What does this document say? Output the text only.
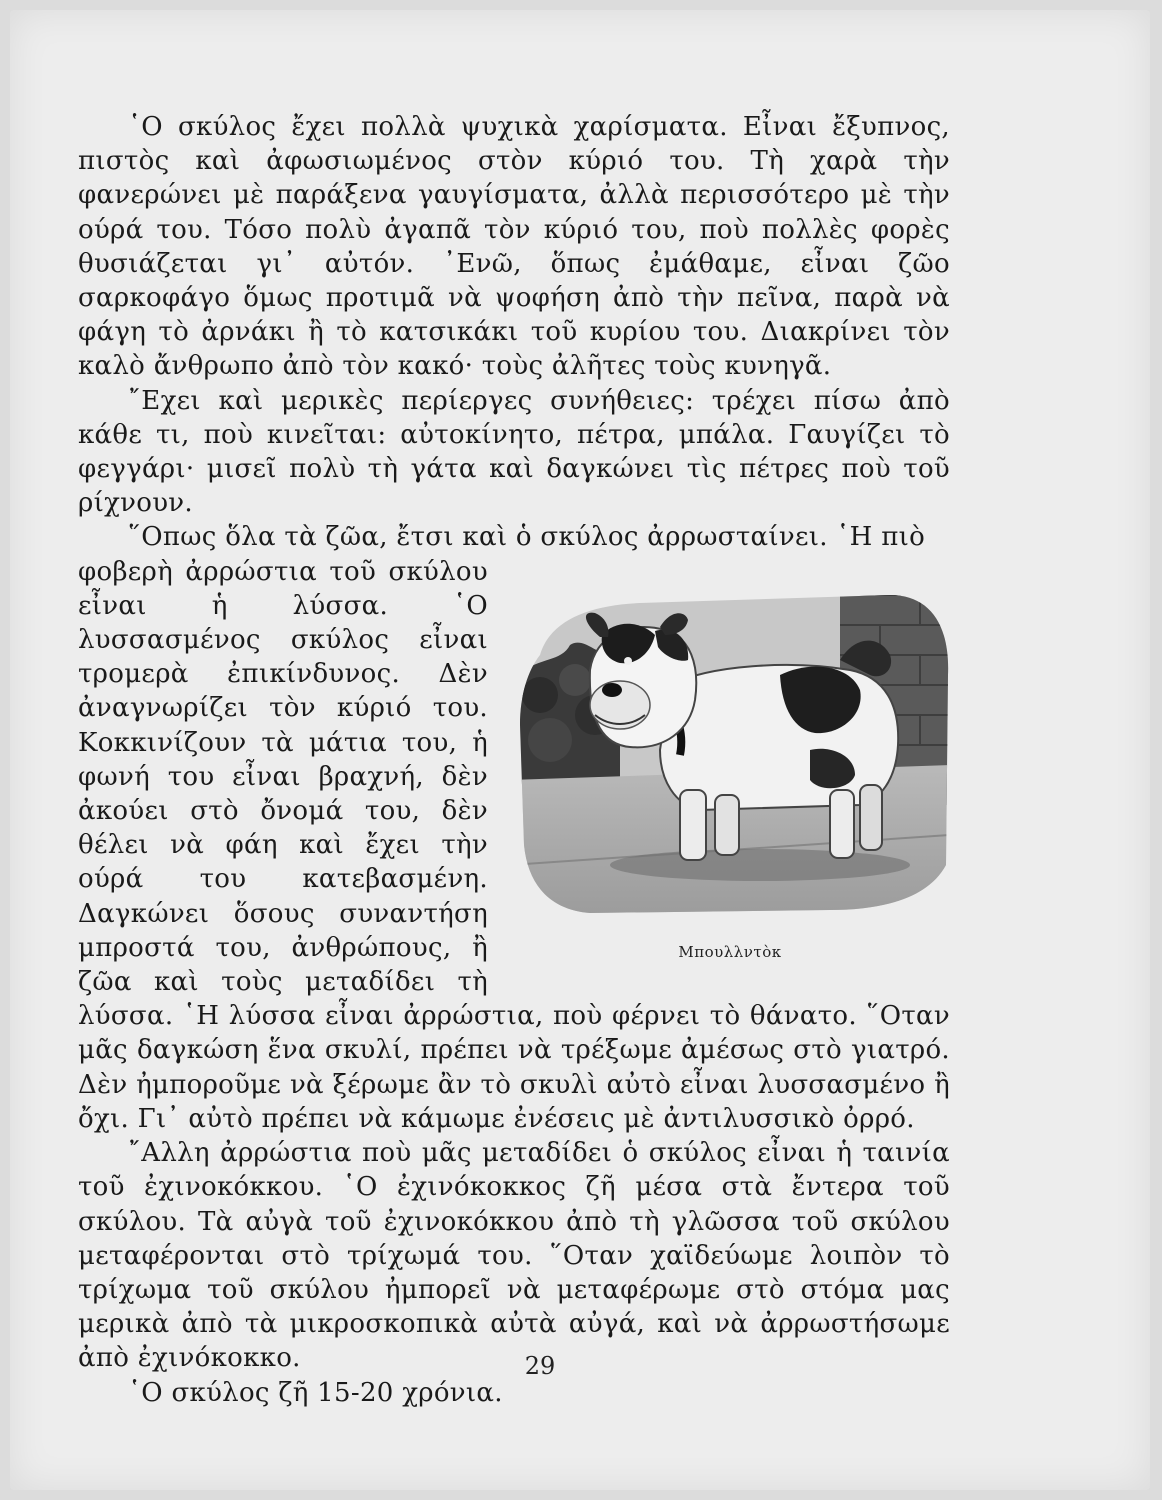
῾Ο σκύλος ἔχει πολλὰ ψυχικὰ χαρίσματα. Εἶναι ἔξυπνος, πιστὸς καὶ ἀφωσιωμένος στὸν κύριό του. Τὴ χαρὰ τὴν φανερώνει μὲ παράξενα γαυγίσματα, ἀλλὰ περισσότερο μὲ τὴν ούρά του. Τόσο πολὺ ἀγαπᾶ τὸν κύριό του, ποὺ πολλὲς φορὲς θυσιάζεται γι᾿ αὐτόν. ᾿Ενῶ, ὅπως ἐμάθαμε, εἶναι ζῶο σαρκοφάγο ὅμως προτιμᾶ νὰ ψοφήση ἀπὸ τὴν πεῖνα, παρὰ νὰ φάγη τὸ ἀρνάκι ἢ τὸ κατσικάκι τοῦ κυρίου του. Διακρίνει τὸν καλὸ ἄνθρωπο ἀπὸ τὸν κακό· τοὺς ἀλῆτες τοὺς κυνηγᾶ.

῎Εχει καὶ μερικὲς περίεργες συνήθειες: τρέχει πίσω ἀπὸ κάθε τι, ποὺ κινεῖται: αὐτοκίνητο, πέτρα, μπάλα. Γαυγίζει τὸ φεγγάρι· μισεῖ πολὺ τὴ γάτα καὶ δαγκώνει τὶς πέτρες ποὺ τοῦ ρίχνουν.

῞Οπως ὅλα τὰ ζῶα, ἔτσι καὶ ὁ σκύλος ἀρρωσταίνει. ῾Η πιὸ

Μπουλλντὸκ

φοβερὴ ἀρρώστια τοῦ σκύλου εἶναι ἡ λύσσα. ῾Ο λυσσασμένος σκύλος εἶναι τρομερὰ ἐπικίνδυνος. Δὲν ἀναγνωρίζει τὸν κύριό του. Κοκκινίζουν τὰ μάτια του, ἡ φωνή του εἶναι βραχνή, δὲν ἀκούει στὸ ὄνομά του, δὲν θέλει νὰ φάη καὶ ἔχει τὴν ούρά του κατεβασμένη. Δαγκώνει ὅσους συναντήση μπροστά του, ἀνθρώπους, ἢ ζῶα καὶ τοὺς μεταδίδει τὴ λύσσα. ῾Η λύσσα εἶναι ἀρρώστια, ποὺ φέρνει τὸ θάνατο. ῞Οταν μᾶς δαγκώση ἕνα σκυλί, πρέπει νὰ τρέξωμε ἀμέσως στὸ γιατρό. Δὲν ἠμποροῦμε νὰ ξέρωμε ἂν τὸ σκυλὶ αὐτὸ εἶναι λυσσασμένο ἢ ὄχι. Γι᾿ αὐτὸ πρέπει νὰ κάμωμε ἐνέσεις μὲ ἀντιλυσσικὸ ὀρρό.

῎Αλλη ἀρρώστια ποὺ μᾶς μεταδίδει ὁ σκύλος εἶναι ἡ ταινία τοῦ ἐχινοκόκκου. ῾Ο ἐχινόκοκκος ζῆ μέσα στὰ ἔντερα τοῦ σκύλου. Τὰ αὐγὰ τοῦ ἐχινοκόκκου ἀπὸ τὴ γλῶσσα τοῦ σκύλου μεταφέρονται στὸ τρίχωμά του. ῞Οταν χαϊδεύωμε λοιπὸν τὸ τρίχωμα τοῦ σκύλου ἠμπορεῖ νὰ μεταφέρωμε στὸ στόμα μας μερικὰ ἀπὸ τὰ μικροσκοπικὰ αὐτὰ αὐγά, καὶ νὰ ἀρρωστήσωμε ἀπὸ ἐχινόκοκκο.

῾Ο σκύλος ζῆ 15-20 χρόνια.

29
